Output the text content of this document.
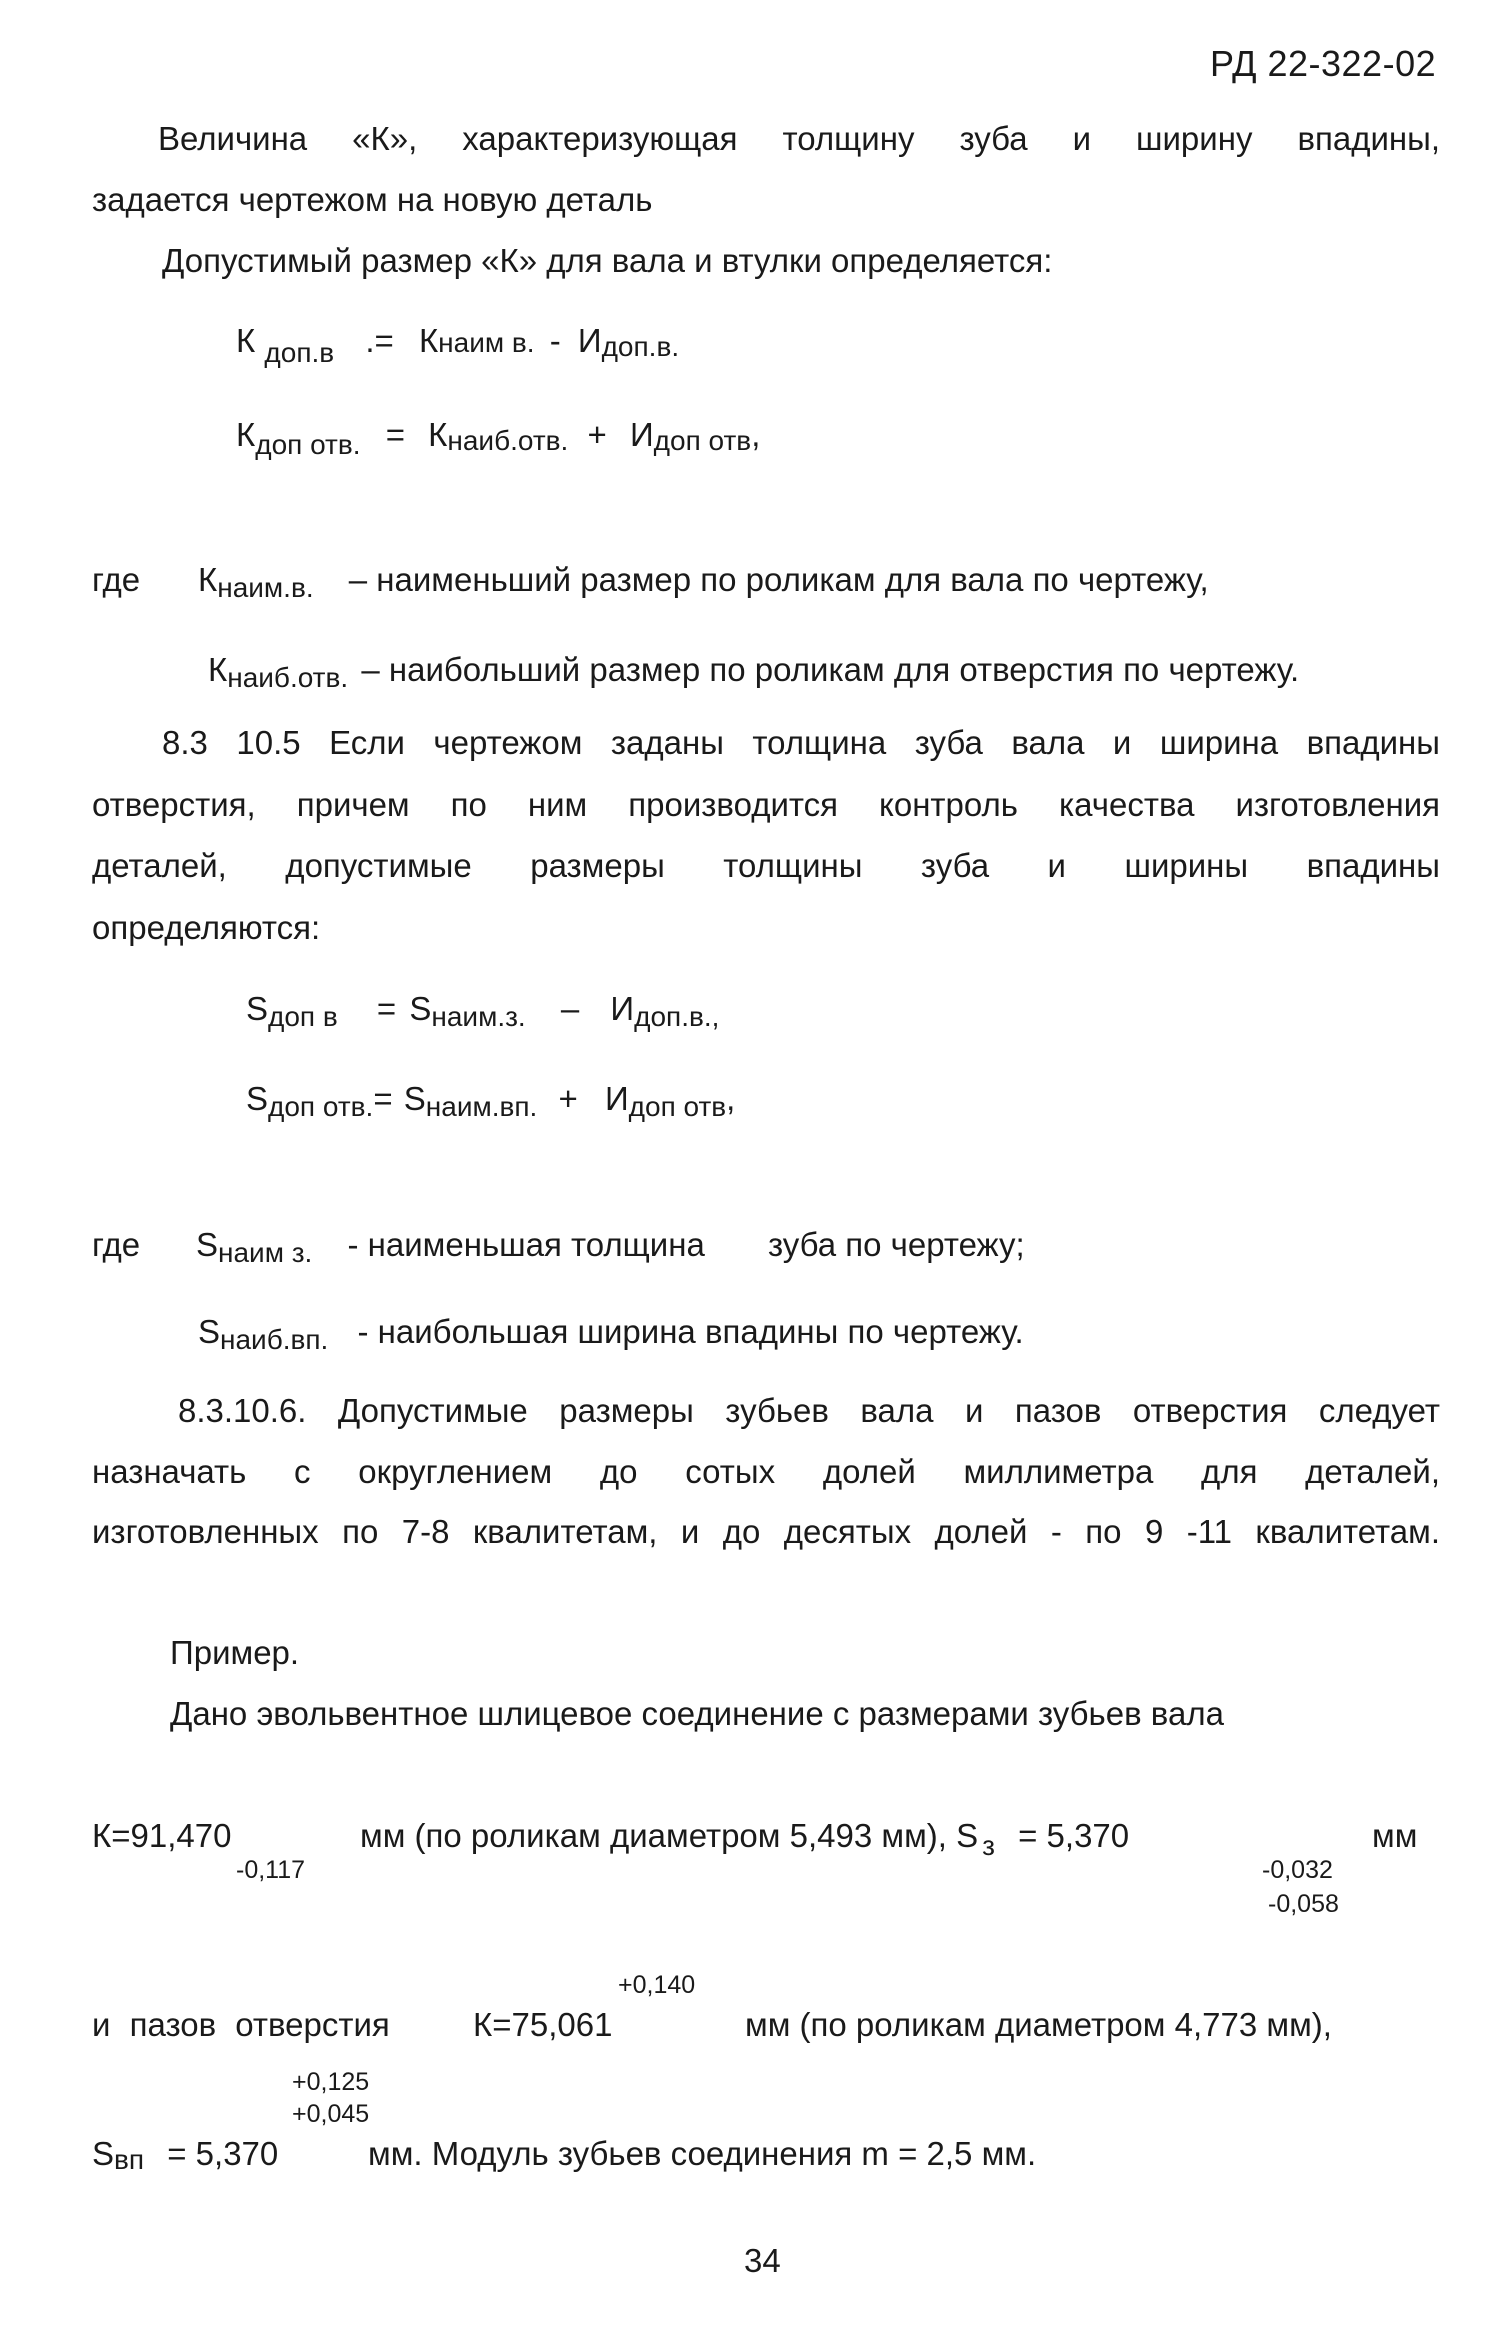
РД 22-322-02
Величина «К», характеризующая толщину зуба и ширину впадины,
задается чертежом на новую деталь
Допустимый размер «К» для вала и втулки определяется:
К $_{доп.в}$ .= Кнаим в. - Идоп.в.
$К_{доп отв.}$ = Кнаиб.отв. + Идоп отв,
где Кнаим.в. – наименьший размер по роликам для вала по чертежу,
Кнаиб.отв. – наибольший размер по роликам для отверстия по чертежу.
8.3 10.5 Если чертежом заданы толщина зуба вала и ширина впадины
отверстия, причем по ним производится контроль качества изготовления
деталей, допустимые размеры толщины зуба и ширины впадины
определяются:
Sдоп в = Sнаим.з. – Идоп.в.,
Sдоп отв.= Sнаим.вп. + Идоп отв,
где Sнаим з. - наименьшая толщина зуба по чертежу;
Sнаиб.вп. - наибольшая ширина впадины по чертежу.
8.3.10.6. Допустимые размеры зубьев вала и пазов отверстия следует
назначать с округлением до сотых долей миллиметра для деталей,
изготовленных по 7-8 квалитетам, и до десятых долей - по 9 -11 квалитетам.
Пример.
Дано эвольвентное шлицевое соединение с размерами зубьев вала
К=91,470
-0,117
мм (по роликам диаметром 5,493 мм), S $_з$ = 5,370
-0,032
-0,058
мм
+0,140
и пазов отверстия	К=75,061	мм (по роликам диаметром 4,773 мм),
+0,125
+0,045
Sвп = 5,370	мм. Модуль зубьев соединения m = 2,5 мм.
34
